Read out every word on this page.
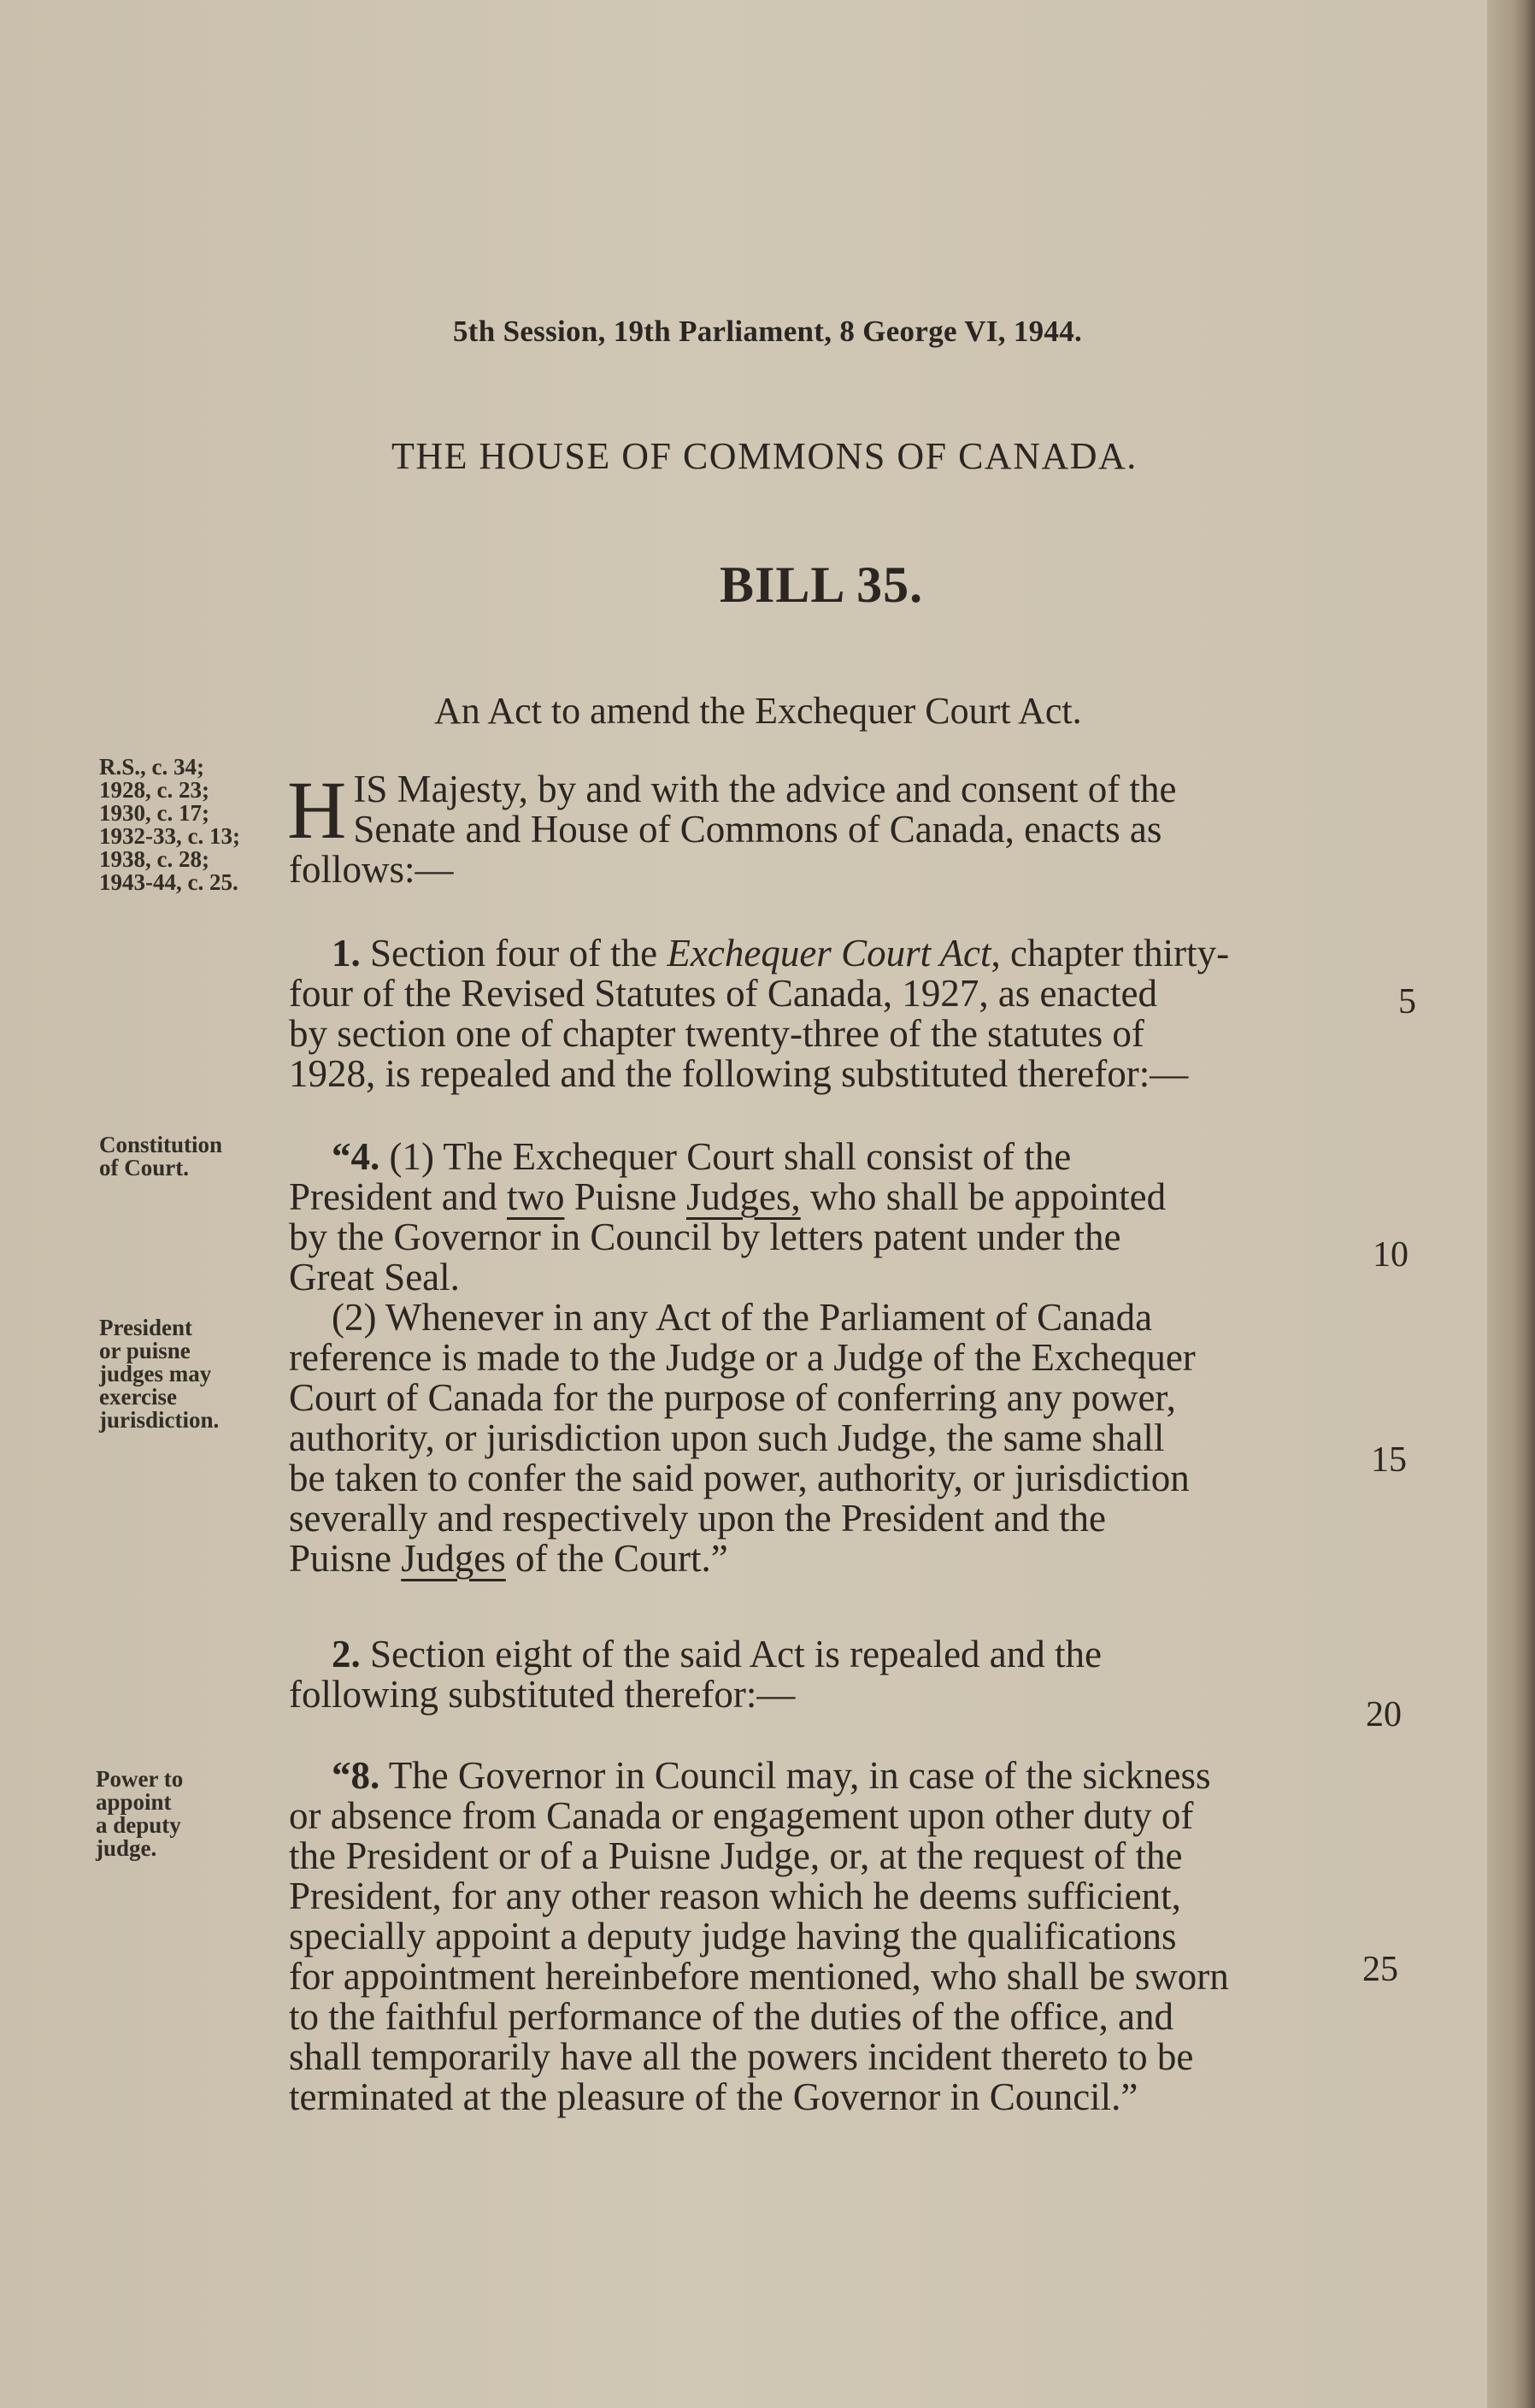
5th Session, 19th Parliament, 8 George VI, 1944.
THE HOUSE OF COMMONS OF CANADA.
BILL 35.
An Act to amend the Exchequer Court Act.
R.S., c. 34;
1928, c. 23;
1930, c. 17;
1932-33, c. 13;
1938, c. 28;
1943-44, c. 25.
Constitution
of Court.
President
or puisne
judges may
exercise
jurisdiction.
Power to
appoint
a deputy
judge.
H IS Majesty, by and with the advice and consent of the
Senate and House of Commons of Canada, enacts as
follows:—
1. Section four of the Exchequer Court Act, chapter thirty-
four of the Revised Statutes of Canada, 1927, as enacted
by section one of chapter twenty-three of the statutes of
1928, is repealed and the following substituted therefor:—
“4. (1) The Exchequer Court shall consist of the
President and two Puisne Judges, who shall be appointed
by the Governor in Council by letters patent under the
Great Seal.
(2) Whenever in any Act of the Parliament of Canada
reference is made to the Judge or a Judge of the Exchequer
Court of Canada for the purpose of conferring any power,
authority, or jurisdiction upon such Judge, the same shall
be taken to confer the said power, authority, or jurisdiction
severally and respectively upon the President and the
Puisne Judges of the Court.”
2. Section eight of the said Act is repealed and the
following substituted therefor:—
“8. The Governor in Council may, in case of the sickness
or absence from Canada or engagement upon other duty of
the President or of a Puisne Judge, or, at the request of the
President, for any other reason which he deems sufficient,
specially appoint a deputy judge having the qualifications
for appointment hereinbefore mentioned, who shall be sworn
to the faithful performance of the duties of the office, and
shall temporarily have all the powers incident thereto to be
terminated at the pleasure of the Governor in Council.”
5
10
15
20
25
